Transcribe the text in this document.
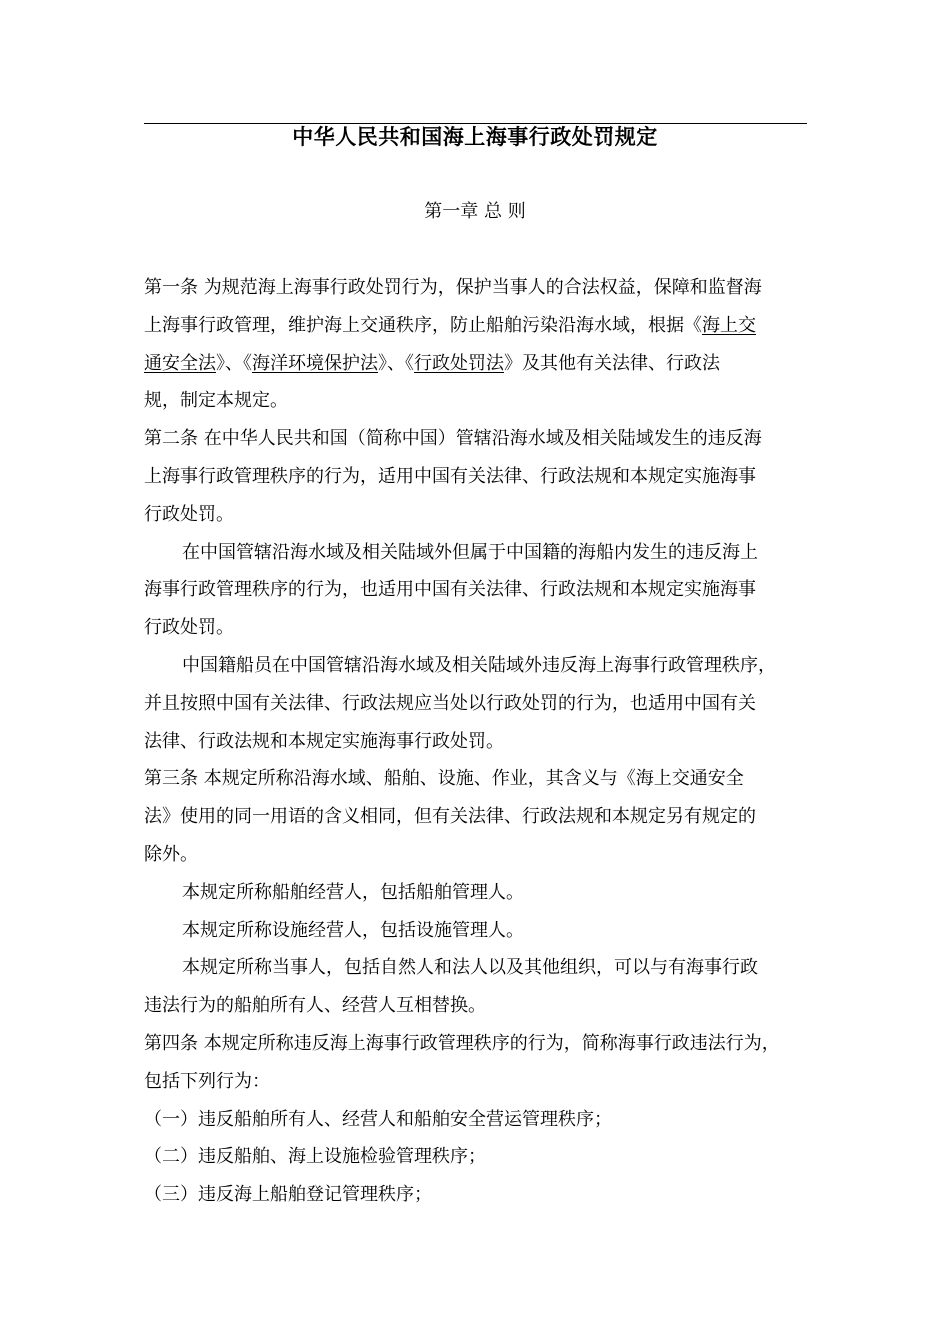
中华人民共和国海上海事行政处罚规定
第一章 总 则
第一条 为规范海上海事行政处罚行为，保护当事人的合法权益，保障和监督海
上海事行政管理，维护海上交通秩序，防止船舶污染沿海水域，根据《海上交
通安全法》、《海洋环境保护法》、《行政处罚法》及其他有关法律、行政法
规，制定本规定。
第二条 在中华人民共和国（简称中国）管辖沿海水域及相关陆域发生的违反海
上海事行政管理秩序的行为，适用中国有关法律、行政法规和本规定实施海事
行政处罚。
在中国管辖沿海水域及相关陆域外但属于中国籍的海船内发生的违反海上
海事行政管理秩序的行为，也适用中国有关法律、行政法规和本规定实施海事
行政处罚。
中国籍船员在中国管辖沿海水域及相关陆域外违反海上海事行政管理秩序，
并且按照中国有关法律、行政法规应当处以行政处罚的行为，也适用中国有关
法律、行政法规和本规定实施海事行政处罚。
第三条 本规定所称沿海水域、船舶、设施、作业，其含义与《海上交通安全
法》使用的同一用语的含义相同，但有关法律、行政法规和本规定另有规定的
除外。
本规定所称船舶经营人，包括船舶管理人。
本规定所称设施经营人，包括设施管理人。
本规定所称当事人，包括自然人和法人以及其他组织，可以与有海事行政
违法行为的船舶所有人、经营人互相替换。
第四条 本规定所称违反海上海事行政管理秩序的行为，简称海事行政违法行为，
包括下列行为：
（一）违反船舶所有人、经营人和船舶安全营运管理秩序；
（二）违反船舶、海上设施检验管理秩序；
（三）违反海上船舶登记管理秩序；
